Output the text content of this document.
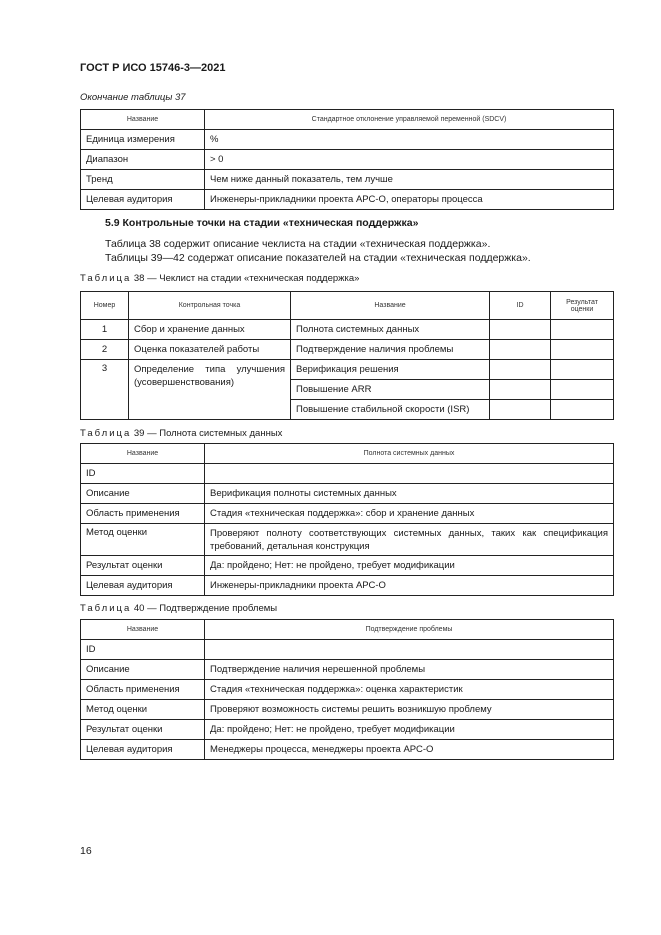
ГОСТ Р ИСО 15746-3—2021
Окончание таблицы 37
Название	Стандартное отклонение управляемой переменной (SDCV)
Единица измерения	%
Диапазон	> 0
Тренд	Чем ниже данный показатель, тем лучше
Целевая аудитория	Инженеры-прикладники проекта АРС-О, операторы процесса
5.9 Контрольные точки на стадии «техническая поддержка»
Таблица 38 содержит описание чеклиста на стадии «техническая поддержка».
Таблицы 39—42 содержат описание показателей на стадии «техническая поддержка».
Таблица 38 — Чеклист на стадии «техническая поддержка»
Номер	Контрольная точка	Название	ID	Результат оценки
1	Сбор и хранение данных	Полнота системных данных		
2	Оценка показателей работы	Подтверждение наличия проблемы		
3	Определение типа улучшения (усовершенствования)	Верификация решения		
		Повышение ARR		
		Повышение стабильной скорости (ISR)		
Таблица 39 — Полнота системных данных
Название	Полнота системных данных
ID	
Описание	Верификация полноты системных данных
Область применения	Стадия «техническая поддержка»: сбор и хранение данных
Метод оценки	Проверяют полноту соответствующих системных данных, таких как спецификация требований, детальная конструкция
Результат оценки	Да: пройдено; Нет: не пройдено, требует модификации
Целевая аудитория	Инженеры-прикладники проекта АРС-О
Таблица 40 — Подтверждение проблемы
Название	Подтверждение проблемы
ID	
Описание	Подтверждение наличия нерешенной проблемы
Область применения	Стадия «техническая поддержка»: оценка характеристик
Метод оценки	Проверяют возможность системы решить возникшую проблему
Результат оценки	Да: пройдено; Нет: не пройдено, требует модификации
Целевая аудитория	Менеджеры процесса, менеджеры проекта АРС-О
16
